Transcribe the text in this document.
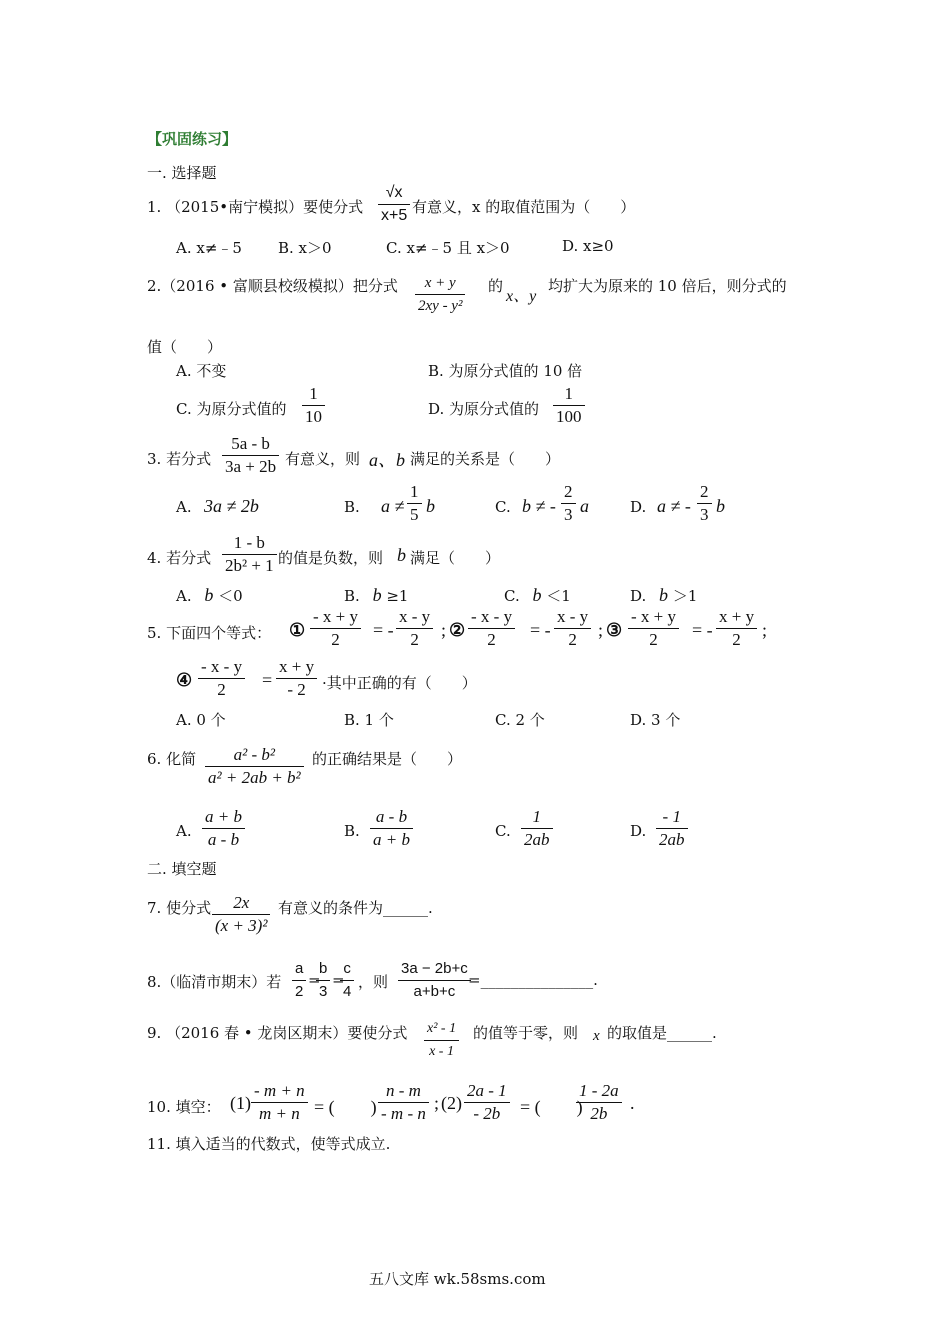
【巩固练习】
一. 选择题
1. （2015•南宁模拟）要使分式
√x
x+5 有意义，x 的取值范围为（　　）
A. x≠﹣5 B. x＞0	C. x≠﹣5 且 x＞0	D. x≥0
2.（2016 • 富顺县校级模拟）把分式 x + y
2xy - y²
的
x、y
均扩大为原来的 10 倍后，则分式的
值（　　）
A. 不变	B. 为原分式值的 10 倍
C. 为原分式值的
1
10	D. 为原分式值的
1
100
3. 若分式
5a - b
3a + 2b 有意义，则 a、b 满足的关系是（　　）
A. 3a ≠ 2b	B. a ≠
1
5 b	C. b ≠ -
2
3 a	D. a ≠ -
2
3 b
4. 若分式
1 - b
2b² + 1 的值是负数，则 b 满足（　　）
A. b ＜0	B. b ≥1	C. b ＜1	D. b ＞1
5. 下面四个等式： ①
- x + y
2 = -
x - y
2 ; ②
- x - y
2 = -
x - y
2 ; ③
- x + y
2 = -
x + y
2 ;
④
- x - y
2 =
x + y
- 2 ·其中正确的有（　　）
A. 0 个	B. 1 个	C. 2 个	D. 3 个
6. 化简 a² - b²
a² + 2ab + b²
的正确结果是（　　）
A.
a + b
a - b	B.
a - b
a + b	C.
1
2ab	D.
- 1
2ab
二. 填空题
7. 使分式 2x
(x + 3)²
有意义的条件为______.
8.（临清市期末）若
a
2
=
b
3
=
c
4
，则
3a − 2b+c
a+b+c
=_______________.
9. （2016 春 • 龙岗区期末）要使分式 x² - 1
x - 1
的值等于零，则 x 的取值是______.
10. 填空： (1)
- m + n
m + n = (　　)
n - m
- m - n
; (2)
2a - 1
- 2b = (　　)
1 - 2a
2b
.
11. 填入适当的代数式，使等式成立.
五八文库 wk.58sms.com
